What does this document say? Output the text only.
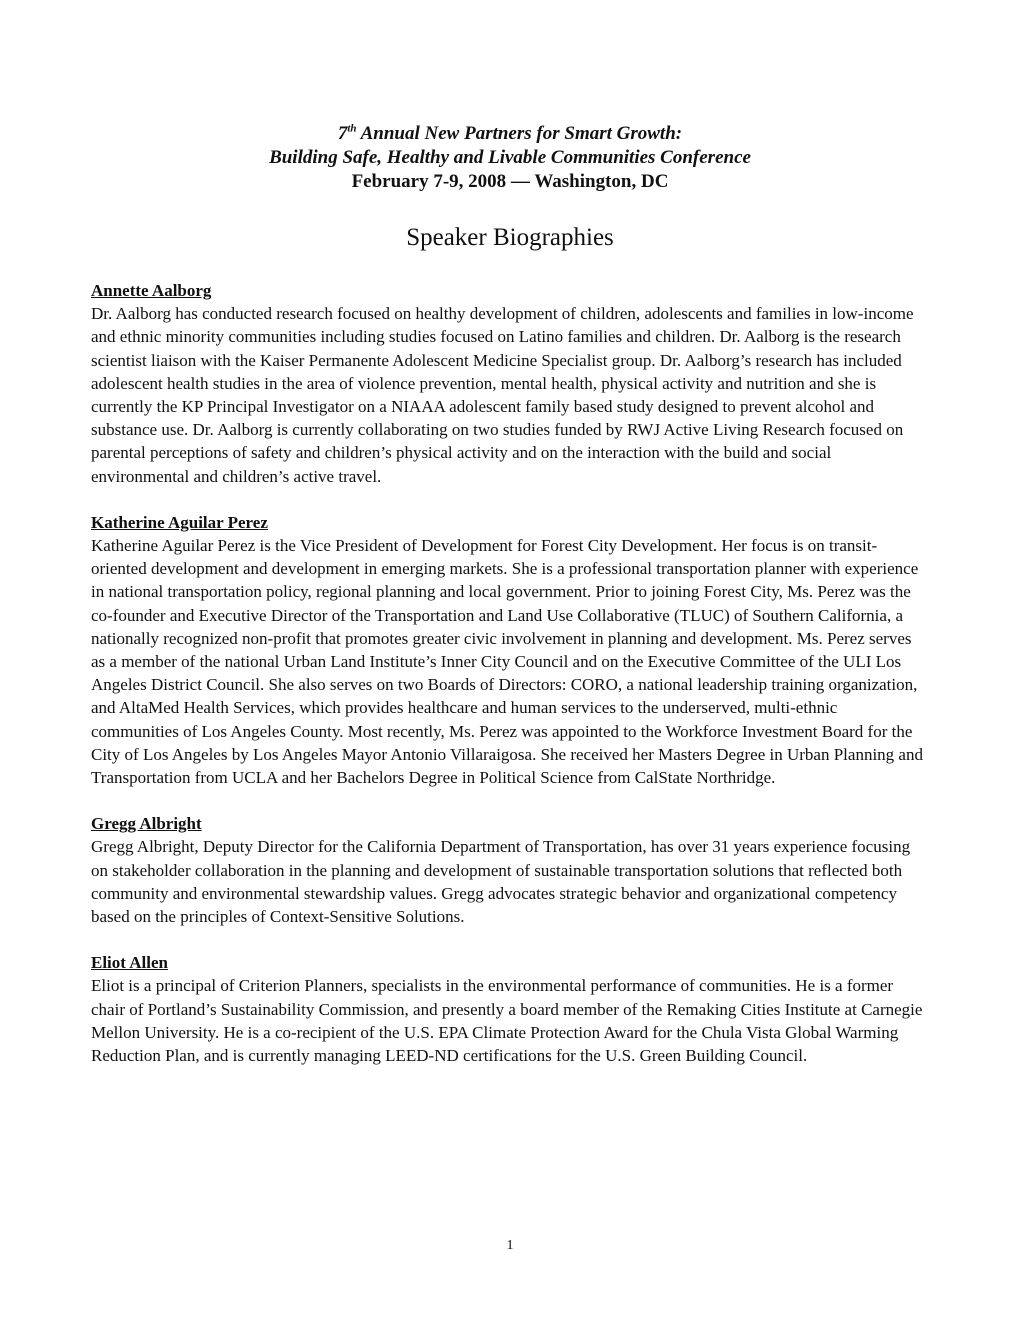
7th Annual New Partners for Smart Growth:

Building Safe, Healthy and Livable Communities Conference

February 7-9, 2008 — Washington, DC

Speaker Biographies
Annette Aalborg

Dr. Aalborg has conducted research focused on healthy development of children, adolescents and families in low-income and ethnic minority communities including studies focused on Latino families and children. Dr. Aalborg is the research scientist liaison with the Kaiser Permanente Adolescent Medicine Specialist group. Dr. Aalborg’s research has included adolescent health studies in the area of violence prevention, mental health, physical activity and nutrition and she is currently the KP Principal Investigator on a NIAAA adolescent family based study designed to prevent alcohol and substance use. Dr. Aalborg is currently collaborating on two studies funded by RWJ Active Living Research focused on parental perceptions of safety and children’s physical activity and on the interaction with the build and social environmental and children’s active travel.

Katherine Aguilar Perez

Katherine Aguilar Perez is the Vice President of Development for Forest City Development. Her focus is on transit-oriented development and development in emerging markets. She is a professional transportation planner with experience in national transportation policy, regional planning and local government. Prior to joining Forest City, Ms. Perez was the co-founder and Executive Director of the Transportation and Land Use Collaborative (TLUC) of Southern California, a nationally recognized non-profit that promotes greater civic involvement in planning and development. Ms. Perez serves as a member of the national Urban Land Institute’s Inner City Council and on the Executive Committee of the ULI Los Angeles District Council. She also serves on two Boards of Directors: CORO, a national leadership training organization, and AltaMed Health Services, which provides healthcare and human services to the underserved, multi-ethnic communities of Los Angeles County. Most recently, Ms. Perez was appointed to the Workforce Investment Board for the City of Los Angeles by Los Angeles Mayor Antonio Villaraigosa. She received her Masters Degree in Urban Planning and Transportation from UCLA and her Bachelors Degree in Political Science from CalState Northridge.

Gregg Albright

Gregg Albright, Deputy Director for the California Department of Transportation, has over 31 years experience focusing on stakeholder collaboration in the planning and development of sustainable transportation solutions that reflected both community and environmental stewardship values. Gregg advocates strategic behavior and organizational competency based on the principles of Context-Sensitive Solutions.

Eliot Allen

Eliot is a principal of Criterion Planners, specialists in the environmental performance of communities. He is a former chair of Portland’s Sustainability Commission, and presently a board member of the Remaking Cities Institute at Carnegie Mellon University. He is a co-recipient of the U.S. EPA Climate Protection Award for the Chula Vista Global Warming Reduction Plan, and is currently managing LEED-ND certifications for the U.S. Green Building Council.

1
